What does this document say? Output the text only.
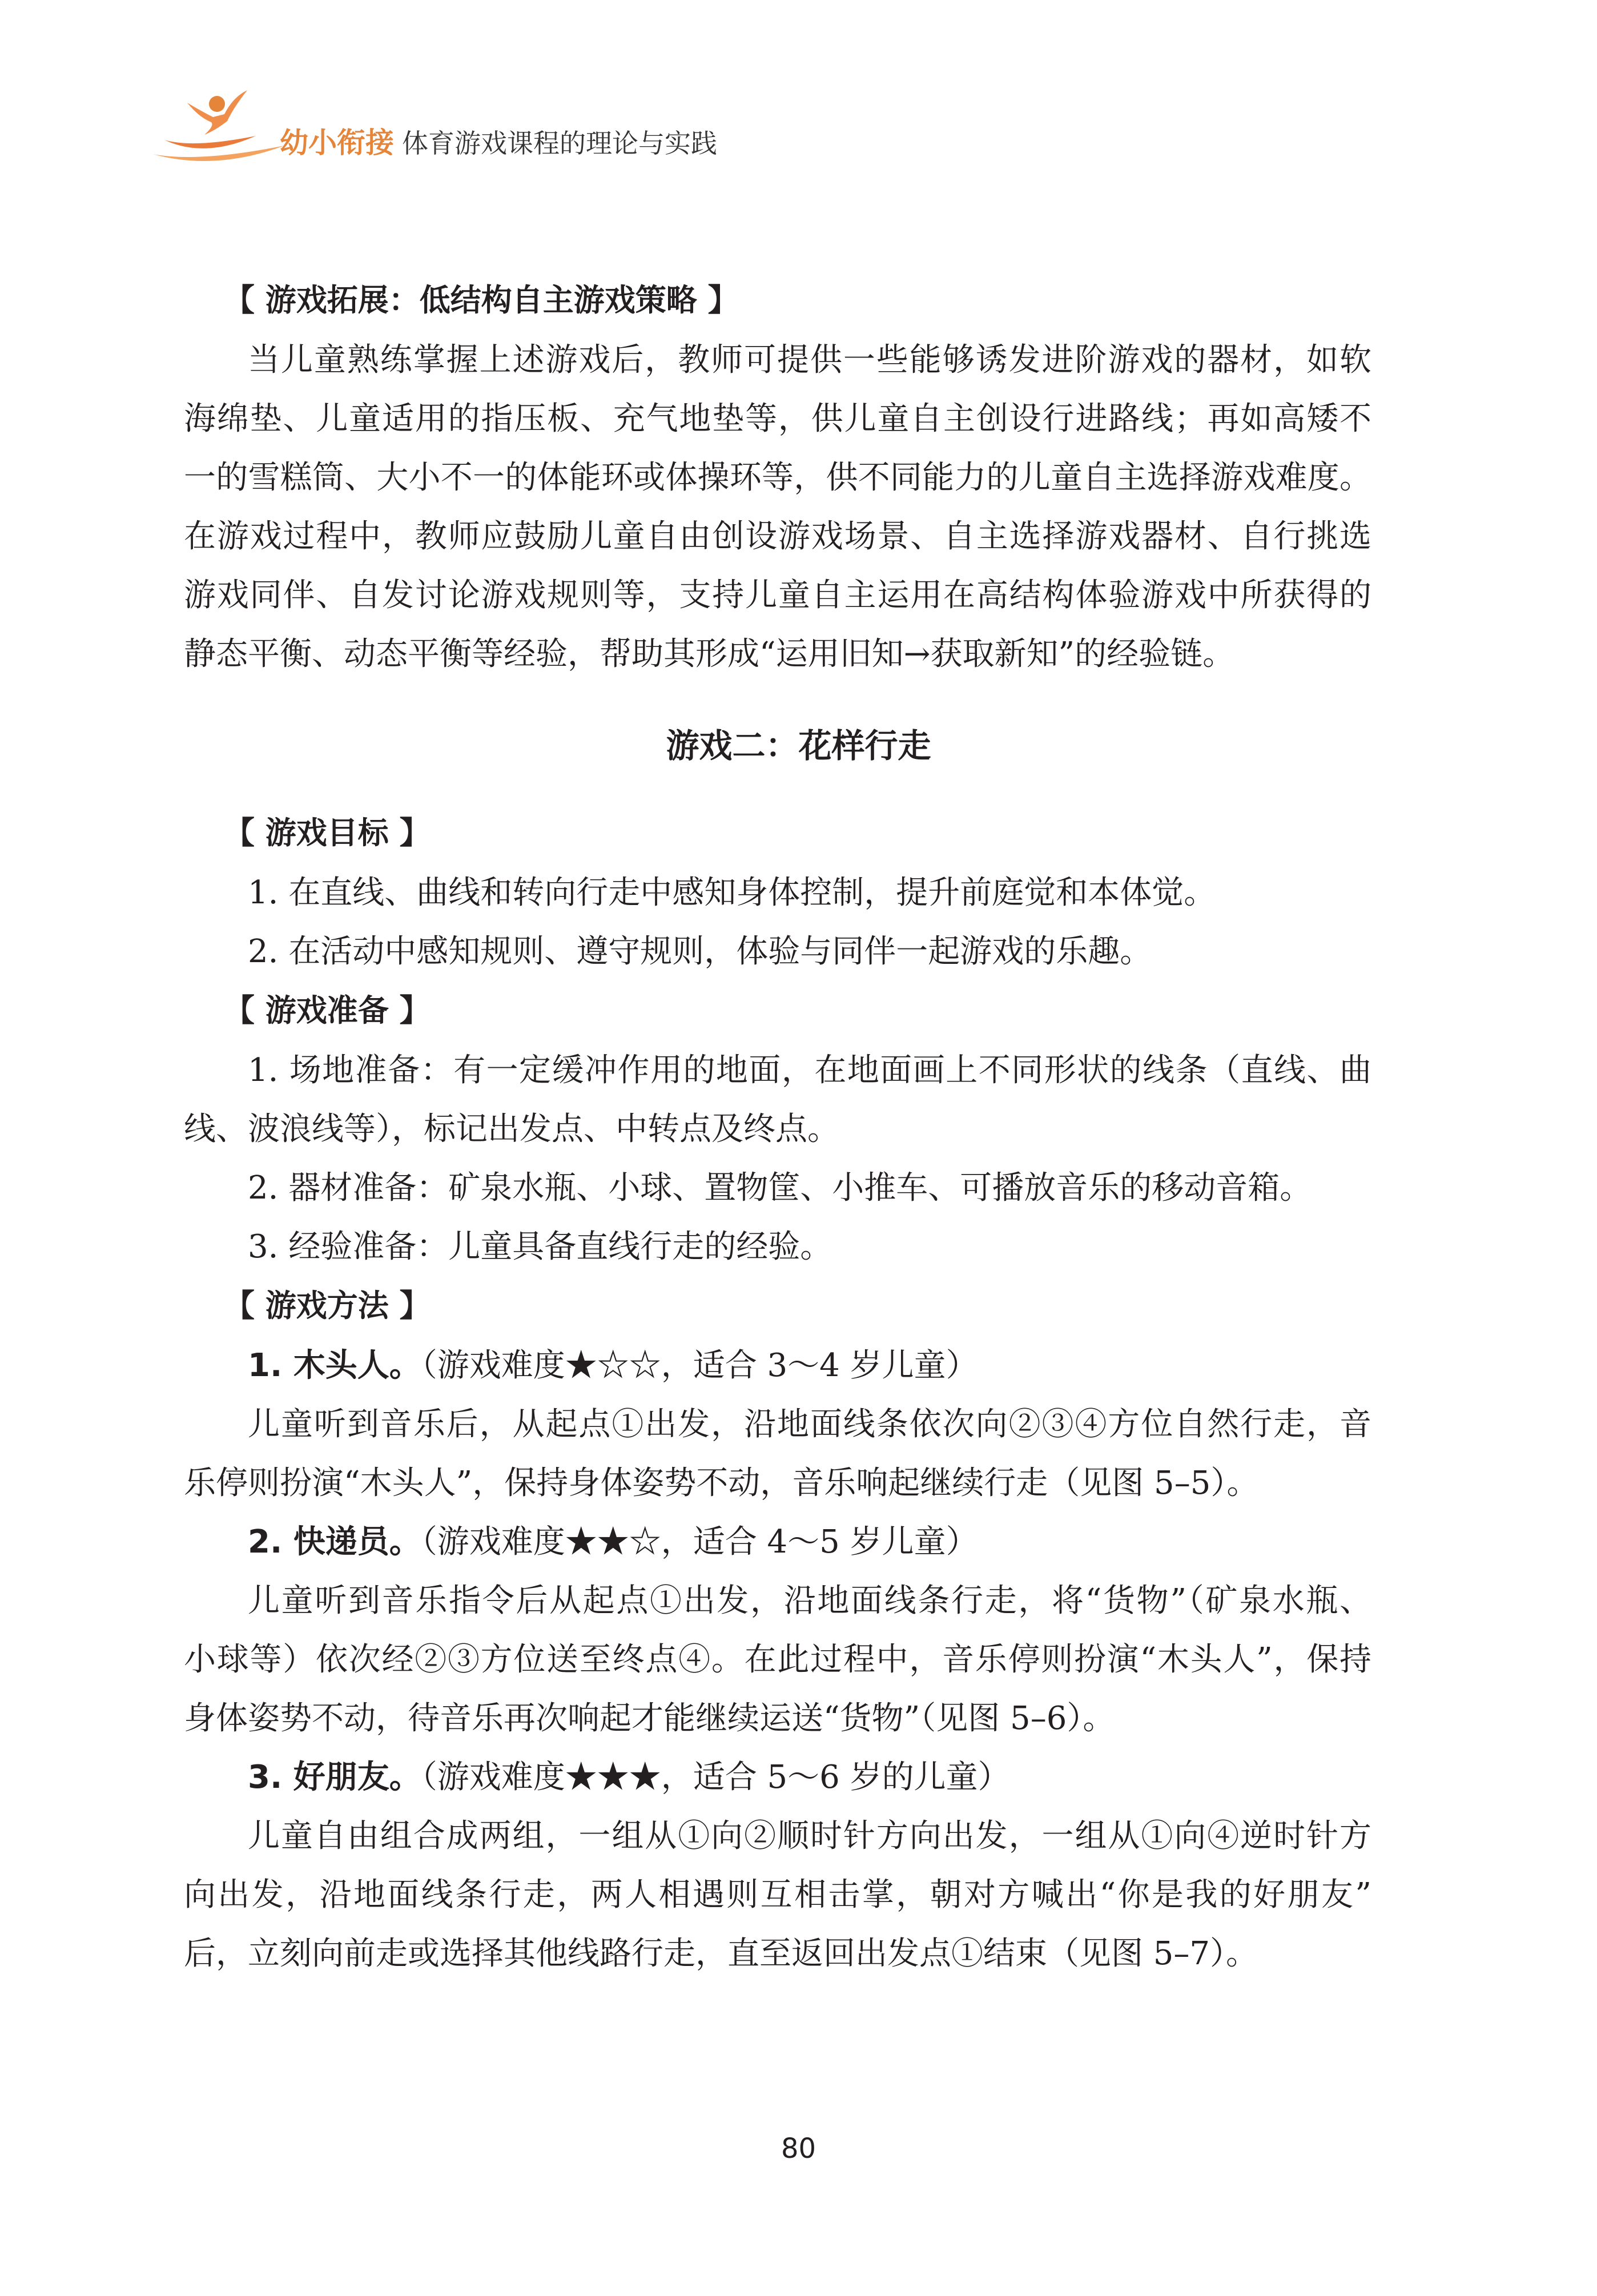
幼小衔接 体育游戏课程的理论与实践
【 游戏拓展：低结构自主游戏策略 】
当儿童熟练掌握上述游戏后，教师可提供一些能够诱发进阶游戏的器材，如软
海绵垫、儿童适用的指压板、充气地垫等，供儿童自主创设行进路线；再如高矮不
一的雪糕筒、大小不一的体能环或体操环等，供不同能力的儿童自主选择游戏难度。
在游戏过程中，教师应鼓励儿童自由创设游戏场景、自主选择游戏器材、自行挑选
游戏同伴、自发讨论游戏规则等，支持儿童自主运用在高结构体验游戏中所获得的
静态平衡、动态平衡等经验，帮助其形成“运用旧知→获取新知”的经验链。
游戏二：花样行走
【 游戏目标 】
1. 在直线、曲线和转向行走中感知身体控制，提升前庭觉和本体觉。
2. 在活动中感知规则、遵守规则，体验与同伴一起游戏的乐趣。
【 游戏准备 】
1. 场地准备：有一定缓冲作用的地面，在地面画上不同形状的线条（直线、曲
线、波浪线等），标记出发点、中转点及终点。
2. 器材准备：矿泉水瓶、小球、置物筐、小推车、可播放音乐的移动音箱。
3. 经验准备：儿童具备直线行走的经验。
【 游戏方法 】
1. 木头人。（游戏难度★☆☆，适合 3～4 岁儿童）
儿童听到音乐后，从起点①出发，沿地面线条依次向②③④方位自然行走，音
乐停则扮演“木头人”，保持身体姿势不动，音乐响起继续行走（见图 5–5）。
2. 快递员。（游戏难度★★☆，适合 4～5 岁儿童）
儿童听到音乐指令后从起点①出发，沿地面线条行走，将“货物”（矿泉水瓶、
小球等）依次经②③方位送至终点④。在此过程中，音乐停则扮演“木头人”，保持
身体姿势不动，待音乐再次响起才能继续运送“货物”（见图 5–6）。
3. 好朋友。（游戏难度★★★，适合 5～6 岁的儿童）
儿童自由组合成两组，一组从①向②顺时针方向出发，一组从①向④逆时针方
向出发，沿地面线条行走，两人相遇则互相击掌，朝对方喊出“你是我的好朋友”
后，立刻向前走或选择其他线路行走，直至返回出发点①结束（见图 5–7）。
80
